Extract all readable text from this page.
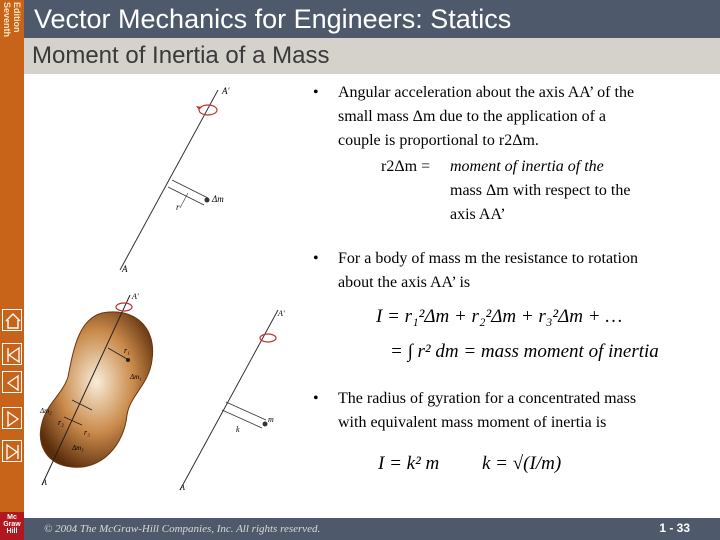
Seventh Edition Vector Mechanics for Engineers: Statics
Moment of Inertia of a Mass
Mc
Graw
Hill
A'
A
r
Δm
A'
A
r₁
Δm₁
r₂
Δm₂
r₃
Δm₃
A'
A
k
m
• Angular acceleration about the axis AA’ of the
small mass Δm due to the application of a
couple is proportional to r2Δm.
r2Δm = moment of inertia of the
mass Δm with respect to the
axis AA’
• For a body of mass m the resistance to rotation
about the axis AA’ is
I = r₁²Δm + r₂²Δm + r₃²Δm + …
= ∫ r² dm = mass moment of inertia
• The radius of gyration for a concentrated mass
with equivalent mass moment of inertia is
I = k² m k = √(I/m)
© 2004 The McGraw-Hill Companies, Inc. All rights reserved.	1 - 33
